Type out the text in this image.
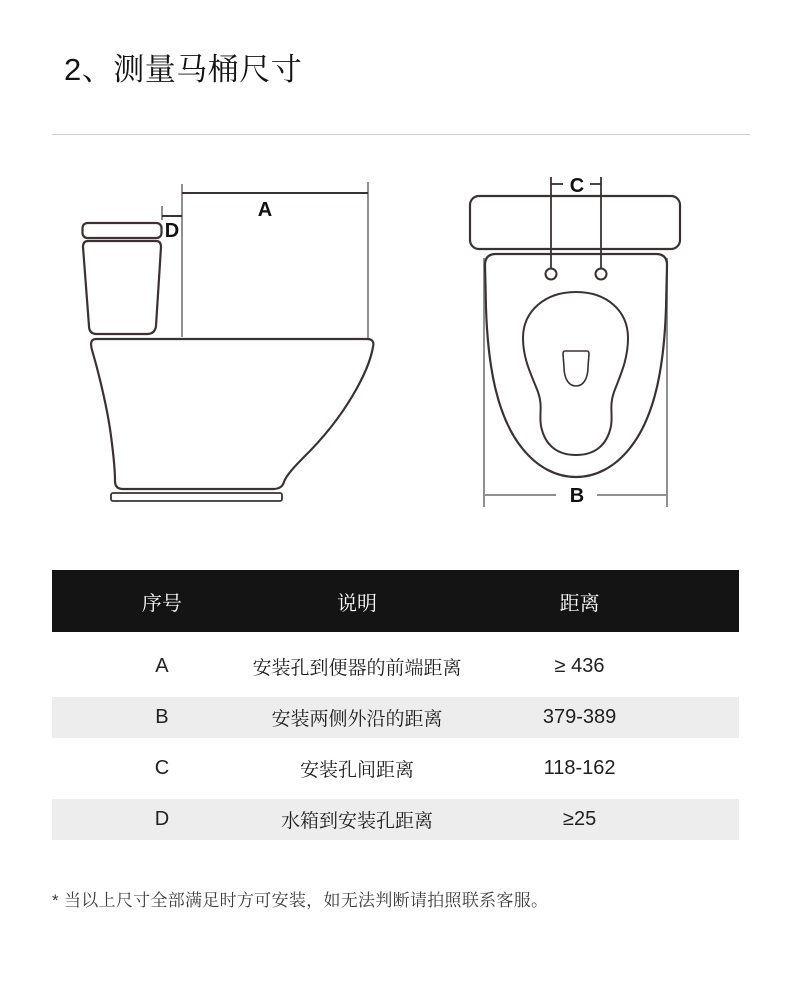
2、测量马桶尺寸
A
D
C
B
序号	说明	距离
A	安装孔到便器的前端距离	≥ 436
B	安装两侧外沿的距离	379-389
C	安装孔间距离	118-162
D	水箱到安装孔距离	≥25

* 当以上尺寸全部满足时方可安装，如无法判断请拍照联系客服。
